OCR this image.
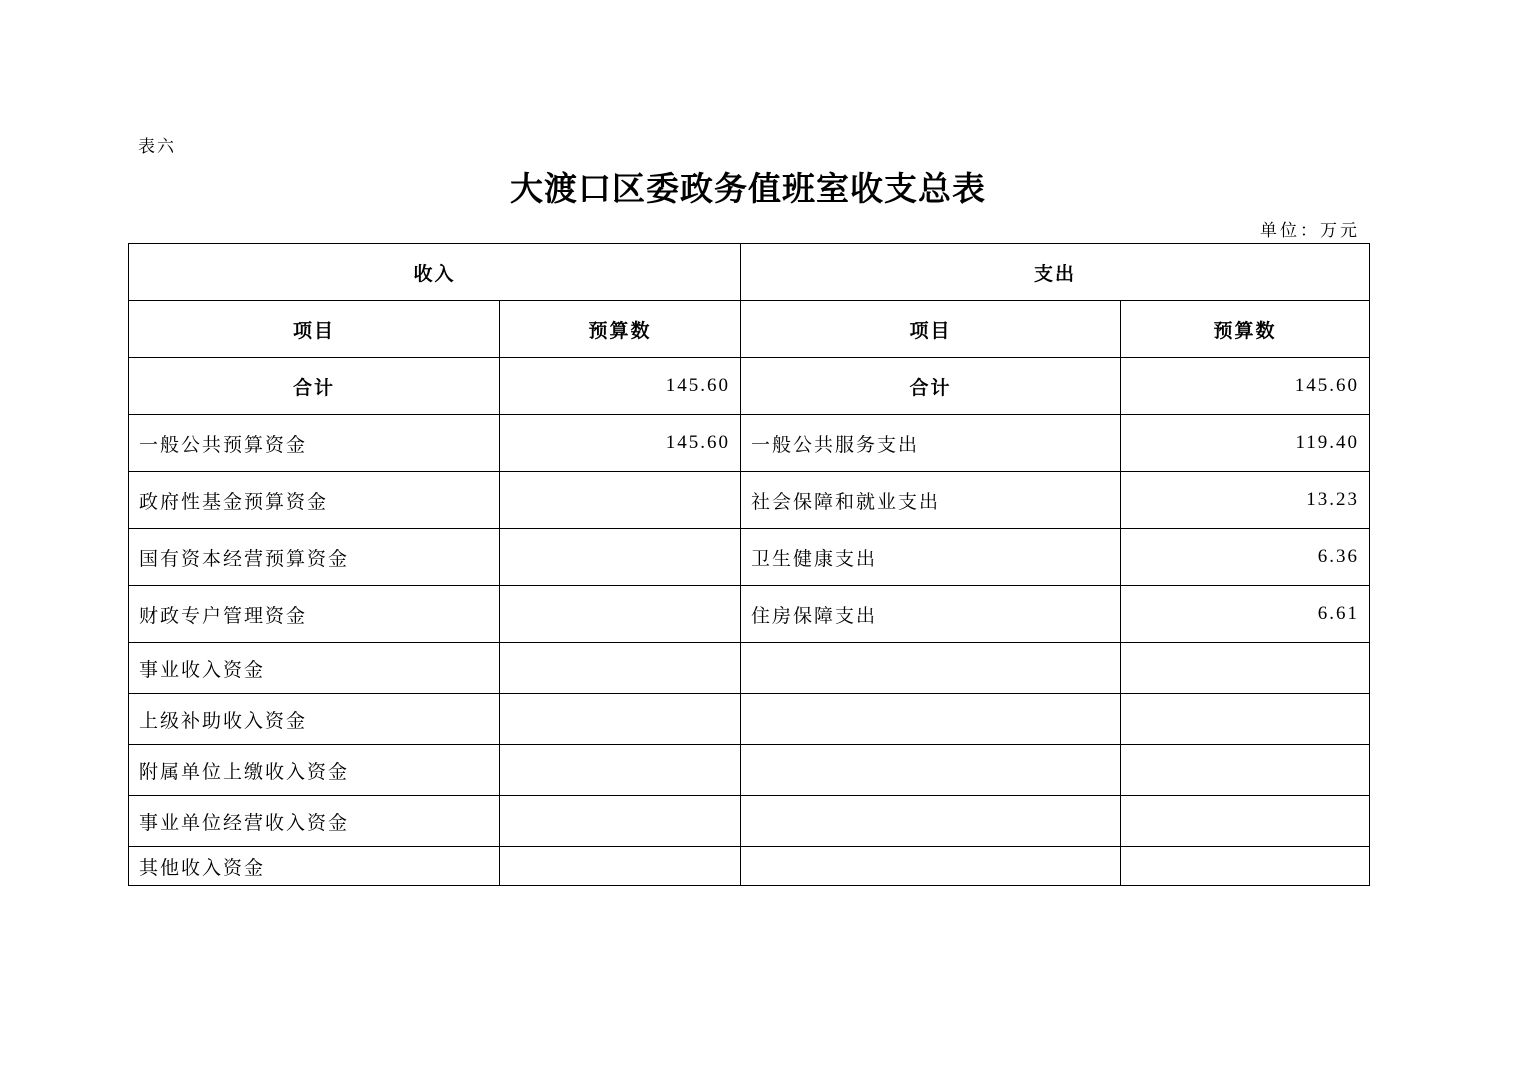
表六
大渡口区委政务值班室收支总表
单位：万元
收入		支出	
项目	预算数	项目	预算数
合计	145.60	合计	145.60
一般公共预算资金	145.60	一般公共服务支出	119.40
政府性基金预算资金		社会保障和就业支出	13.23
国有资本经营预算资金		卫生健康支出	6.36
财政专户管理资金		住房保障支出	6.61
事业收入资金			
上级补助收入资金			
附属单位上缴收入资金			
事业单位经营收入资金			
其他收入资金			
